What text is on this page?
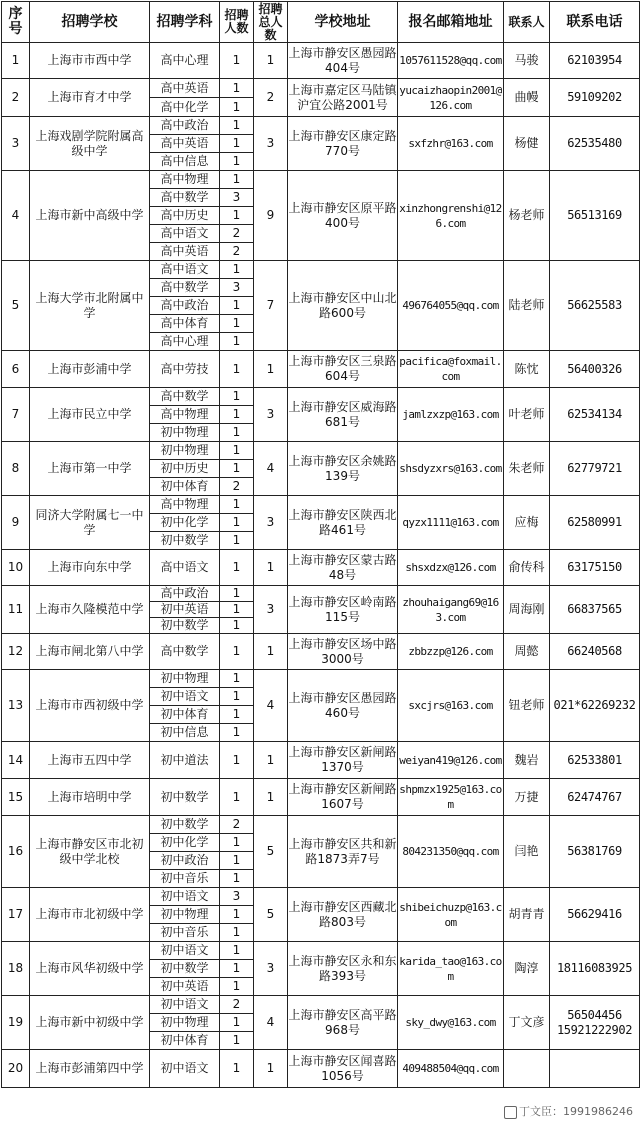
序号	招聘学校	招聘学科	招聘人数	招聘总人数	学校地址	报名邮箱地址	联系人	联系电话
1	上海市市西中学	高中心理	1	1	上海市静安区愚园路404号	1057611528@qq.com	马骏	62103954
2	上海市育才中学	高中英语	1	2	上海市嘉定区马陆镇沪宜公路2001号	yucaizhaopin2001@126.com	曲幔	59109202
		高中化学	1					
3	上海戏剧学院附属高级中学	高中政治	1	3	上海市静安区康定路770号	sxfzhr@163.com	杨健	62535480
		高中英语	1					
		高中信息	1					
4	上海市新中高级中学	高中物理	1	9	上海市静安区原平路400号	xinzhongrenshi@126.com	杨老师	56513169
		高中数学	3					
		高中历史	1					
		高中语文	2					
		高中英语	2					
5	上海大学市北附属中学	高中语文	1	7	上海市静安区中山北路600号	496764055@qq.com	陆老师	56625583
		高中数学	3					
		高中政治	1					
		高中体育	1					
		高中心理	1					
6	上海市彭浦中学	高中劳技	1	1	上海市静安区三泉路604号	pacifica@foxmail.com	陈忱	56400326
7	上海市民立中学	高中数学	1	3	上海市静安区威海路681号	jamlzxzp@163.com	叶老师	62534134
		高中物理	1					
		初中物理	1					
8	上海市第一中学	初中物理	1	4	上海市静安区余姚路139号	shsdyzxrs@163.com	朱老师	62779721
		初中历史	1					
		初中体育	2					
9	同济大学附属七一中学	高中物理	1	3	上海市静安区陕西北路461号	qyzx1111@163.com	应梅	62580991
		初中化学	1					
		初中数学	1					
10	上海市向东中学	高中语文	1	1	上海市静安区蒙古路48号	shsxdzx@126.com	俞传科	63175150
11	上海市久隆模范中学	高中政治	1	3	上海市静安区岭南路115号	zhouhaigang69@163.com	周海刚	66837565
		初中英语	1					
		初中数学	1					
12	上海市闸北第八中学	高中数学	1	1	上海市静安区场中路3000号	zbbzzp@126.com	周懿	66240568
13	上海市市西初级中学	初中物理	1	4	上海市静安区愚园路460号	sxcjrs@163.com	钮老师	021*62269232
		初中语文	1					
		初中体育	1					
		初中信息	1					
14	上海市五四中学	初中道法	1	1	上海市静安区新闸路1370号	weiyan419@126.com	魏岩	62533801
15	上海市培明中学	初中数学	1	1	上海市静安区新闸路1607号	shpmzx1925@163.com	万捷	62474767
16	上海市静安区市北初级中学北校	初中数学	2	5	上海市静安区共和新路1873弄7号	804231350@qq.com	闫艳	56381769
		初中化学	1					
		初中政治	1					
		初中音乐	1					
17	上海市市北初级中学	初中语文	3	5	上海市静安区西藏北路803号	shibeichuzp@163.com	胡青青	56629416
		初中物理	1					
		初中音乐	1					
18	上海市风华初级中学	初中语文	1	3	上海市静安区永和东路393号	karida_tao@163.com	陶淳	18116083925
		初中数学	1					
		初中英语	1					
19	上海市新中初级中学	初中语文	2	4	上海市静安区高平路968号	sky_dwy@163.com	丁文彦	56504456
15921222902
		初中物理	1					
		初中体育	1					
20	上海市彭浦第四中学	初中语文	1	1	上海市静安区闻喜路1056号	409488504@qq.com		
丁文臣：1991986246
